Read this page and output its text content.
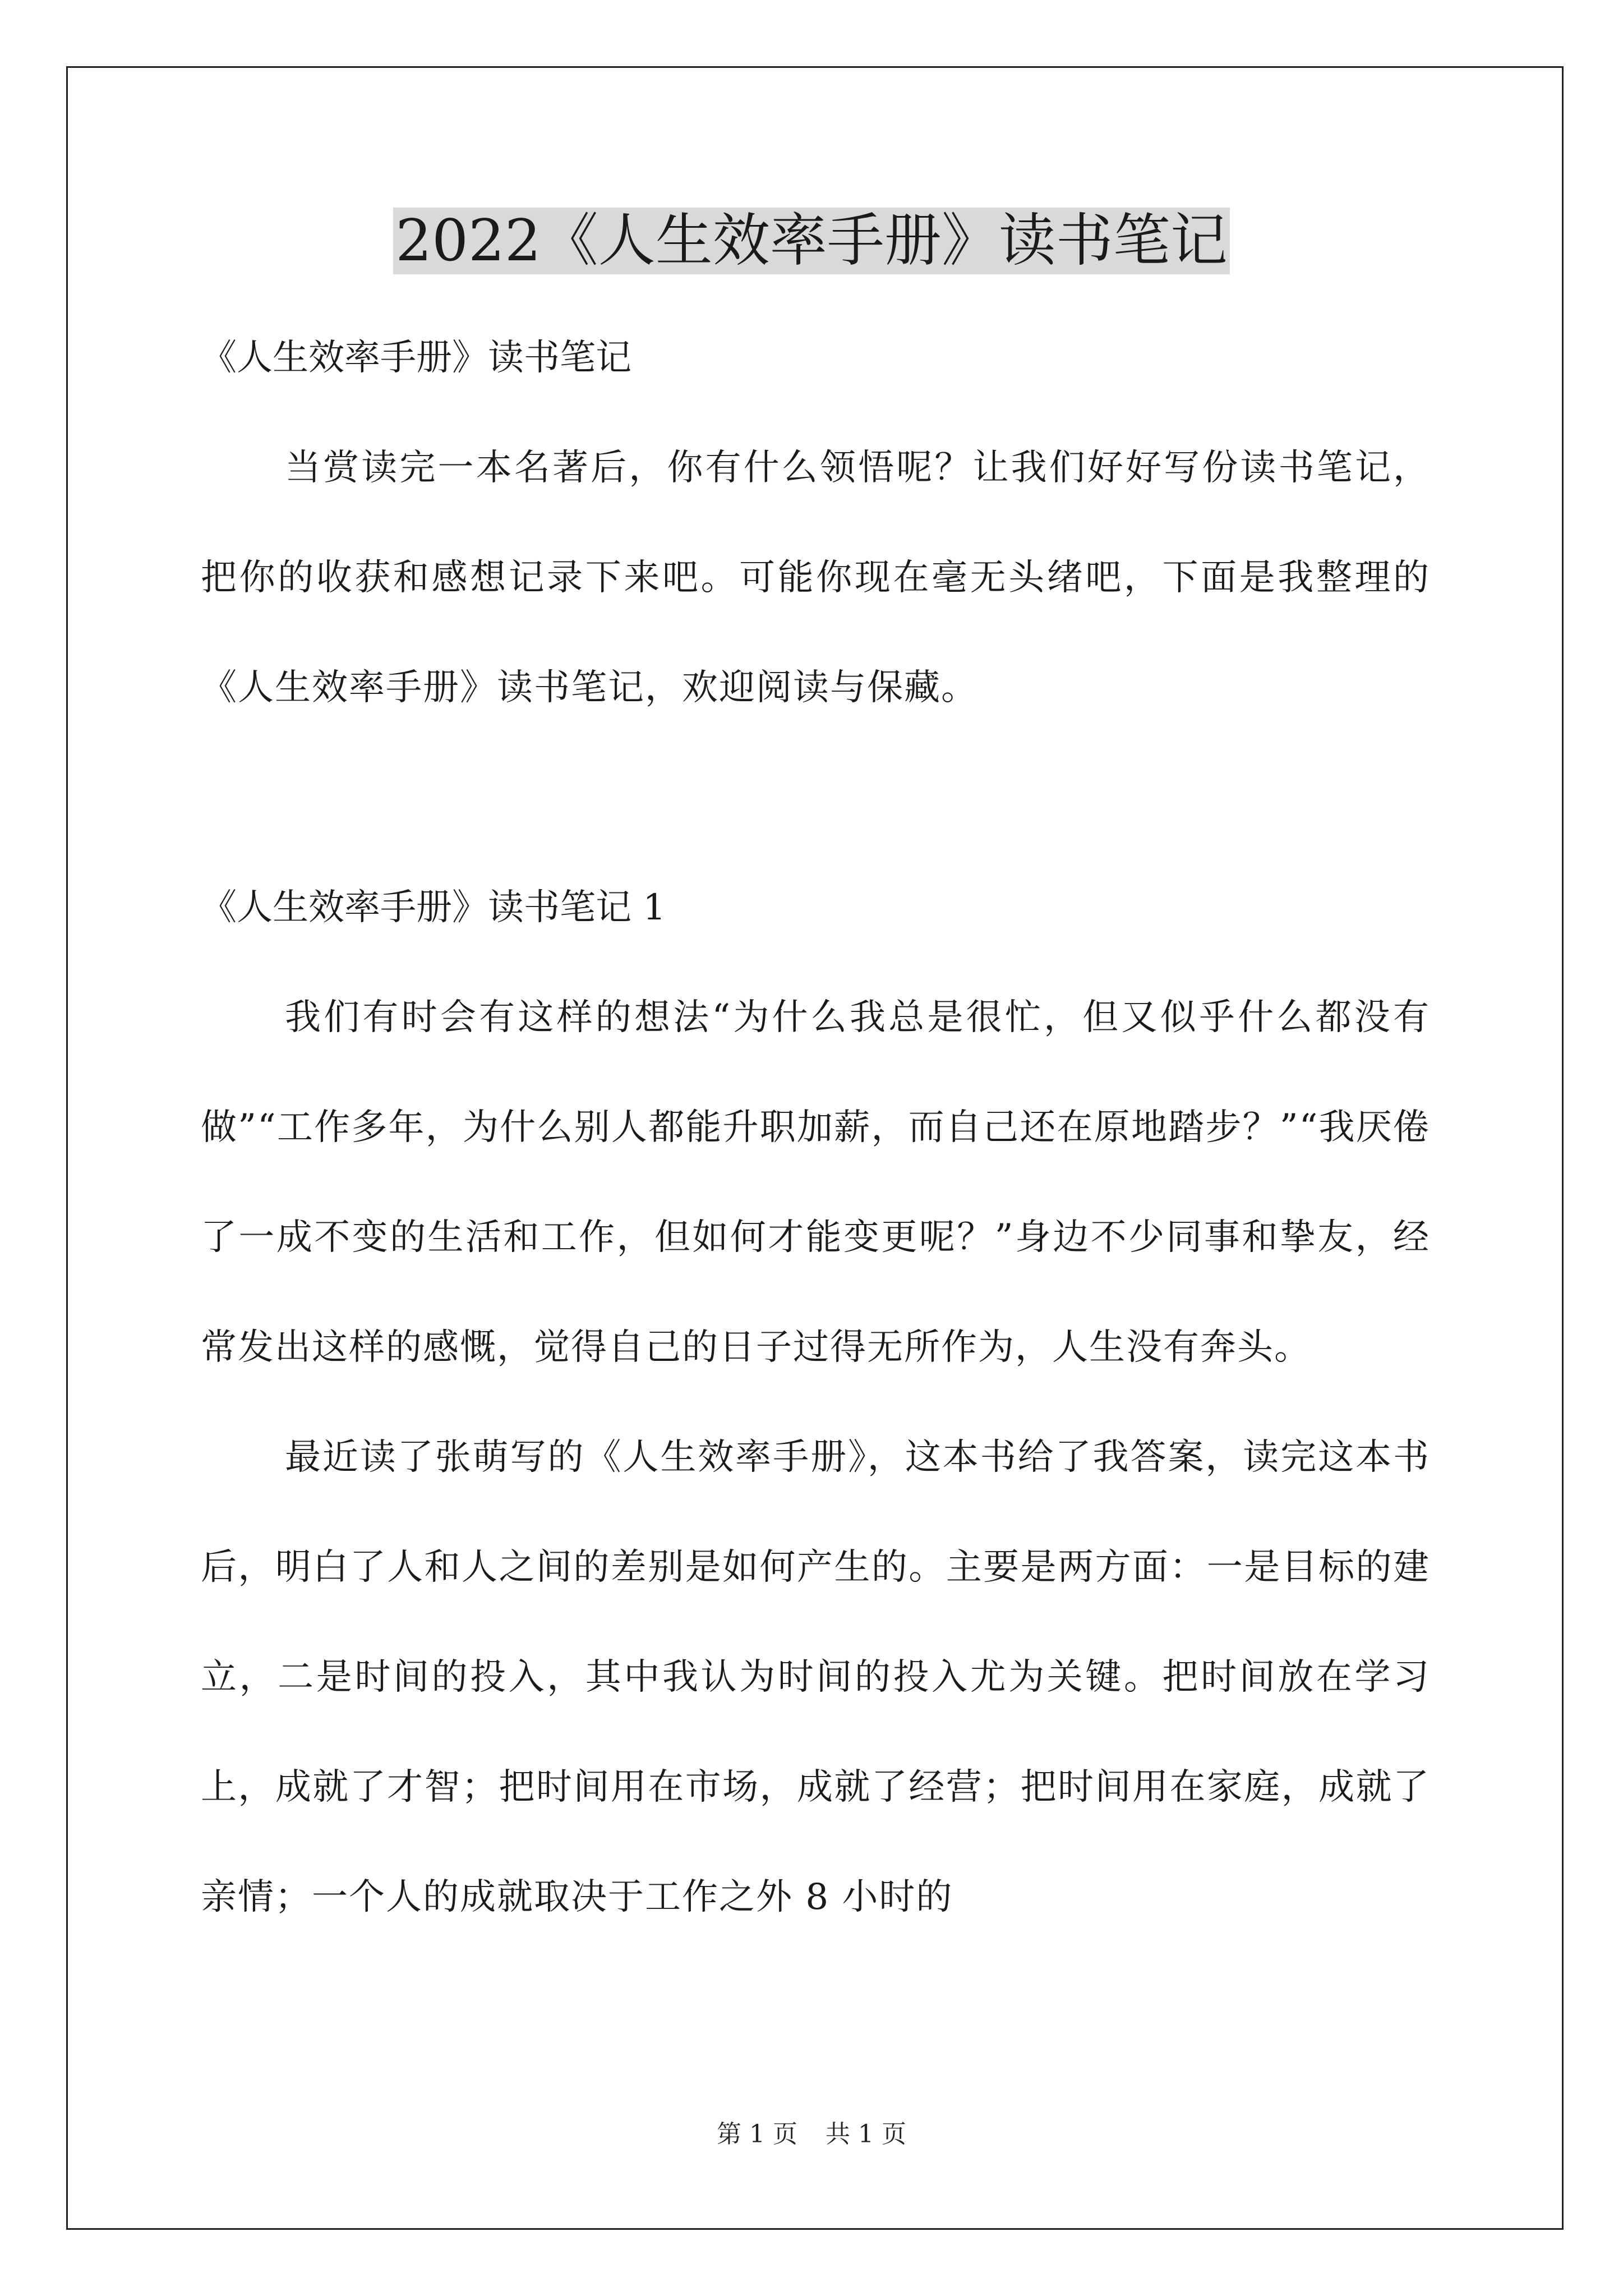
2022《人生效率手册》读书笔记

《人生效率手册》读书笔记

当赏读完一本名著后，你有什么领悟呢？让我们好好写份读书笔记，把你的收获和感想记录下来吧。可能你现在毫无头绪吧，下面是我整理的《人生效率手册》读书笔记，欢迎阅读与保藏。

《人生效率手册》读书笔记 1

我们有时会有这样的想法“为什么我总是很忙，但又似乎什么都没有做”“工作多年，为什么别人都能升职加薪，而自己还在原地踏步？”“我厌倦了一成不变的生活和工作，但如何才能变更呢？”身边不少同事和挚友，经常发出这样的感慨，觉得自己的日子过得无所作为，人生没有奔头。

最近读了张萌写的《人生效率手册》，这本书给了我答案，读完这本书后，明白了人和人之间的差别是如何产生的。主要是两方面：一是目标的建立，二是时间的投入，其中我认为时间的投入尤为关键。把时间放在学习上，成就了才智；把时间用在市场，成就了经营；把时间用在家庭，成就了亲情；一个人的成就取决于工作之外 8 小时的

第 1 页 共 1 页
